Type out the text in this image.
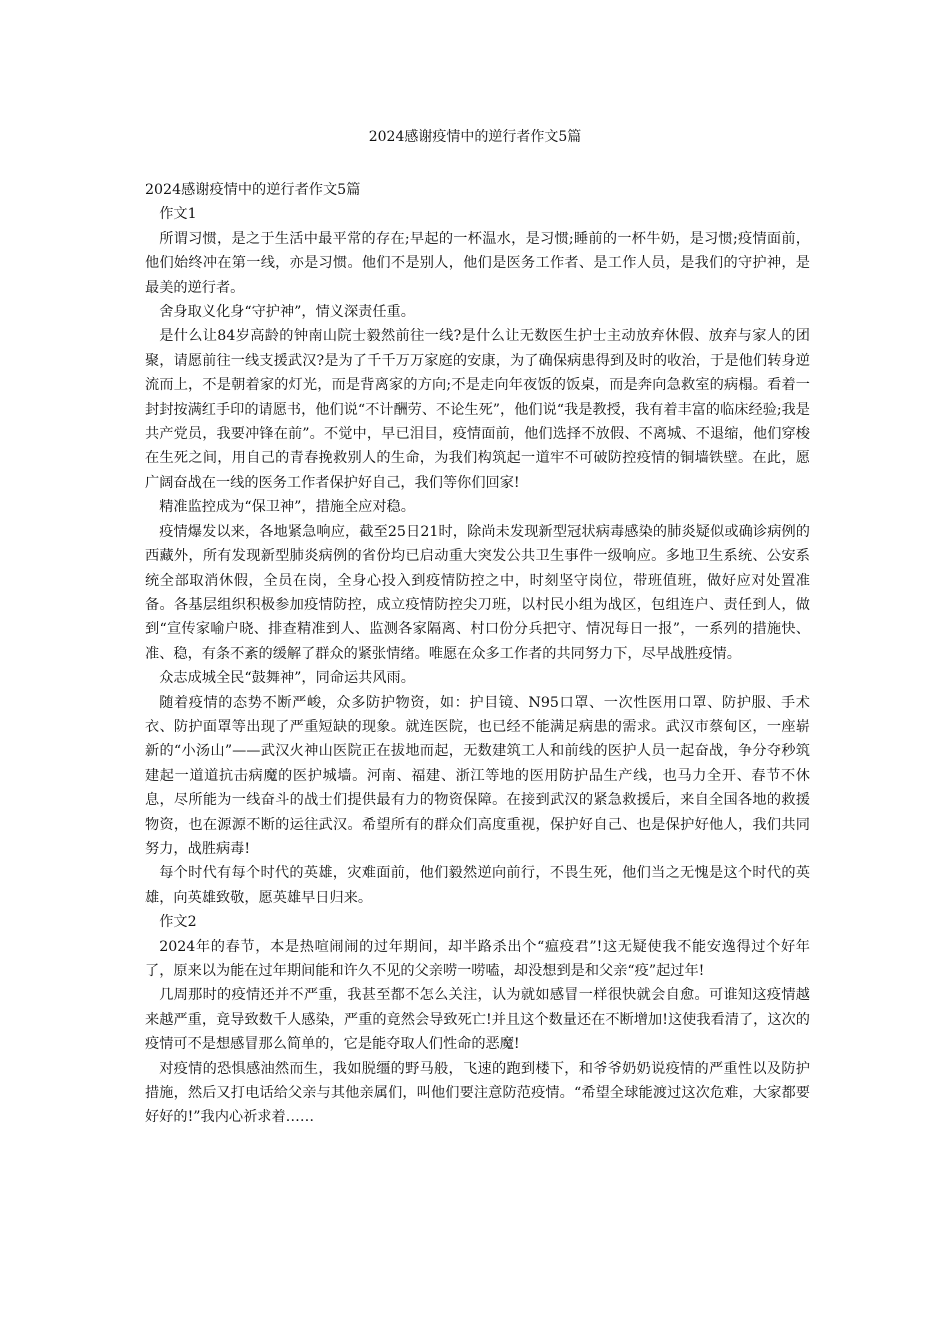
2024感谢疫情中的逆行者作文5篇

2024感谢疫情中的逆行者作文5篇

作文1

所谓习惯，是之于生活中最平常的存在;早起的一杯温水，是习惯;睡前的一杯牛奶，是习惯;疫情面前，他们始终冲在第一线，亦是习惯。他们不是别人，他们是医务工作者、是工作人员，是我们的守护神，是最美的逆行者。

舍身取义化身“守护神”，情义深责任重。

是什么让84岁高龄的钟南山院士毅然前往一线?是什么让无数医生护士主动放弃休假、放弃与家人的团聚，请愿前往一线支援武汉?是为了千千万万家庭的安康，为了确保病患得到及时的收治，于是他们转身逆流而上，不是朝着家的灯光，而是背离家的方向;不是走向年夜饭的饭桌，而是奔向急救室的病榻。看着一封封按满红手印的请愿书，他们说“不计酬劳、不论生死”，他们说“我是教授，我有着丰富的临床经验;我是共产党员，我要冲锋在前”。不觉中，早已泪目，疫情面前，他们选择不放假、不离城、不退缩，他们穿梭在生死之间，用自己的青春挽救别人的生命，为我们构筑起一道牢不可破防控疫情的铜墙铁壁。在此，愿广阔奋战在一线的医务工作者保护好自己，我们等你们回家!

精准监控成为“保卫神”，措施全应对稳。

疫情爆发以来，各地紧急响应，截至25日21时，除尚未发现新型冠状病毒感染的肺炎疑似或确诊病例的西藏外，所有发现新型肺炎病例的省份均已启动重大突发公共卫生事件一级响应。多地卫生系统、公安系统全部取消休假，全员在岗，全身心投入到疫情防控之中，时刻坚守岗位，带班值班，做好应对处置准备。各基层组织积极参加疫情防控，成立疫情防控尖刀班，以村民小组为战区，包组连户、责任到人，做到“宣传家喻户晓、排查精准到人、监测各家隔离、村口份分兵把守、情况每日一报”，一系列的措施快、准、稳，有条不紊的缓解了群众的紧张情绪。唯愿在众多工作者的共同努力下，尽早战胜疫情。

众志成城全民“鼓舞神”，同命运共风雨。

随着疫情的态势不断严峻，众多防护物资，如：护目镜、N95口罩、一次性医用口罩、防护服、手术衣、防护面罩等出现了严重短缺的现象。就连医院，也已经不能满足病患的需求。武汉市蔡甸区，一座崭新的“小汤山”——武汉火神山医院正在拔地而起，无数建筑工人和前线的医护人员一起奋战，争分夺秒筑建起一道道抗击病魔的医护城墙。河南、福建、浙江等地的医用防护品生产线，也马力全开、春节不休息，尽所能为一线奋斗的战士们提供最有力的物资保障。在接到武汉的紧急救援后，来自全国各地的救援物资，也在源源不断的运往武汉。希望所有的群众们高度重视，保护好自己、也是保护好他人，我们共同努力，战胜病毒!

每个时代有每个时代的英雄，灾难面前，他们毅然逆向前行，不畏生死，他们当之无愧是这个时代的英雄，向英雄致敬，愿英雄早日归来。

作文2

2024年的春节，本是热喧闹闹的过年期间，却半路杀出个“瘟疫君”!这无疑使我不能安逸得过个好年了，原来以为能在过年期间能和许久不见的父亲唠一唠嗑，却没想到是和父亲“疫”起过年!

几周那时的疫情还并不严重，我甚至都不怎么关注，认为就如感冒一样很快就会自愈。可谁知这疫情越来越严重，竟导致数千人感染，严重的竟然会导致死亡!并且这个数量还在不断增加!这使我看清了，这次的疫情可不是想感冒那么简单的，它是能夺取人们性命的恶魔!

对疫情的恐惧感油然而生，我如脱缰的野马般，飞速的跑到楼下，和爷爷奶奶说疫情的严重性以及防护措施，然后又打电话给父亲与其他亲属们，叫他们要注意防范疫情。“希望全球能渡过这次危难，大家都要好好的!”我内心祈求着……
